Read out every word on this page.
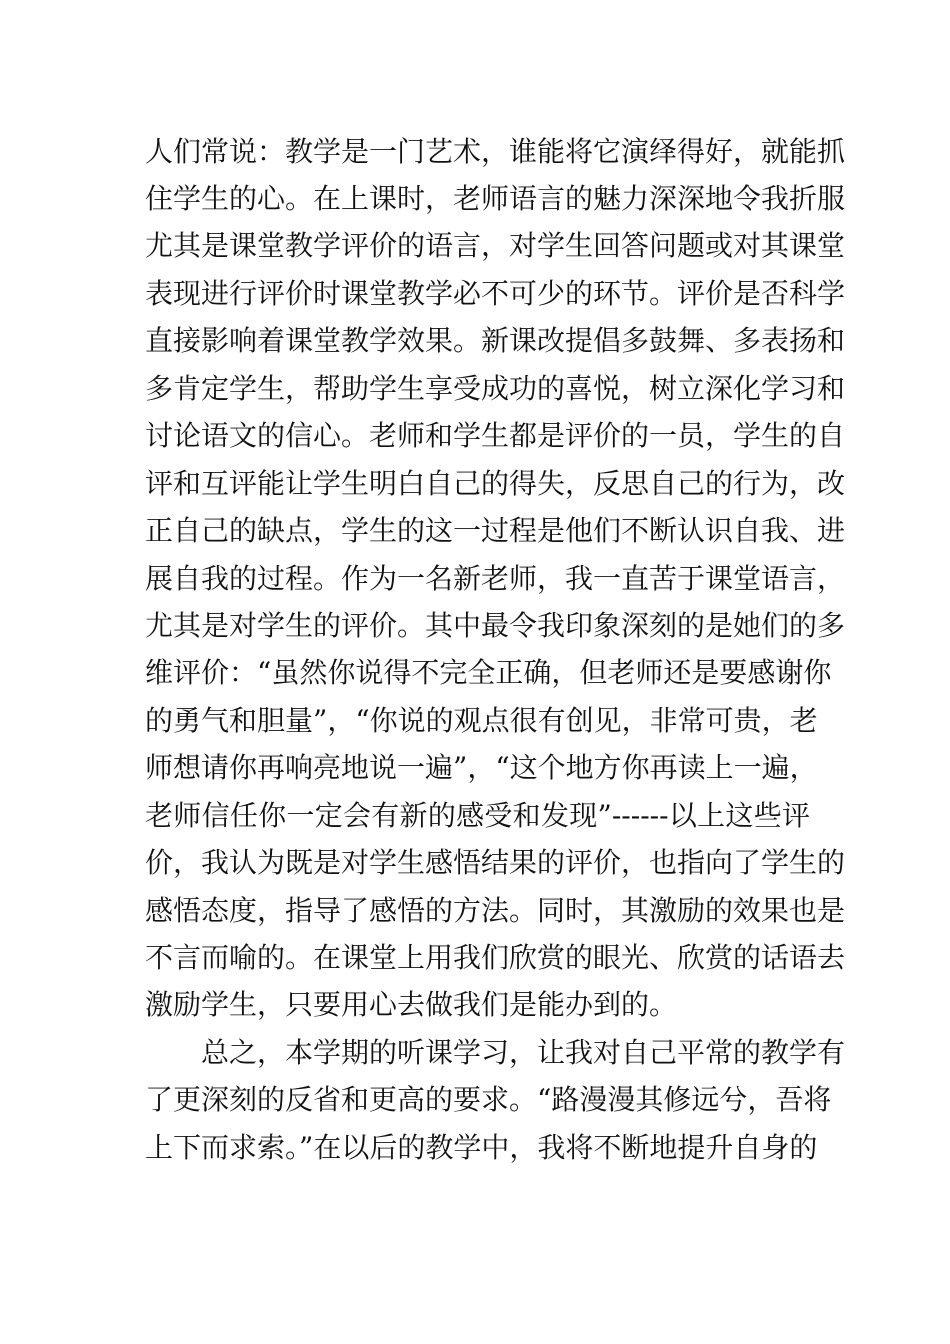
人们常说：教学是一门艺术，谁能将它演绎得好，就能抓
住学生的心。在上课时，老师语言的魅力深深地令我折服
尤其是课堂教学评价的语言，对学生回答问题或对其课堂
表现进行评价时课堂教学必不可少的环节。评价是否科学
直接影响着课堂教学效果。新课改提倡多鼓舞、多表扬和
多肯定学生，帮助学生享受成功的喜悦，树立深化学习和
讨论语文的信心。老师和学生都是评价的一员，学生的自
评和互评能让学生明白自己的得失，反思自己的行为，改
正自己的缺点，学生的这一过程是他们不断认识自我、进
展自我的过程。作为一名新老师，我一直苦于课堂语言，
尤其是对学生的评价。其中最令我印象深刻的是她们的多
维评价：“虽然你说得不完全正确，但老师还是要感谢你
的勇气和胆量”，“你说的观点很有创见，非常可贵，老
师想请你再响亮地说一遍”，“这个地方你再读上一遍，
老师信任你一定会有新的感受和发现”------以上这些评
价，我认为既是对学生感悟结果的评价，也指向了学生的
感悟态度，指导了感悟的方法。同时，其激励的效果也是
不言而喻的。在课堂上用我们欣赏的眼光、欣赏的话语去
激励学生，只要用心去做我们是能办到的。
总之，本学期的听课学习，让我对自己平常的教学有
了更深刻的反省和更高的要求。“路漫漫其修远兮，吾将
上下而求索。”在以后的教学中，我将不断地提升自身的
